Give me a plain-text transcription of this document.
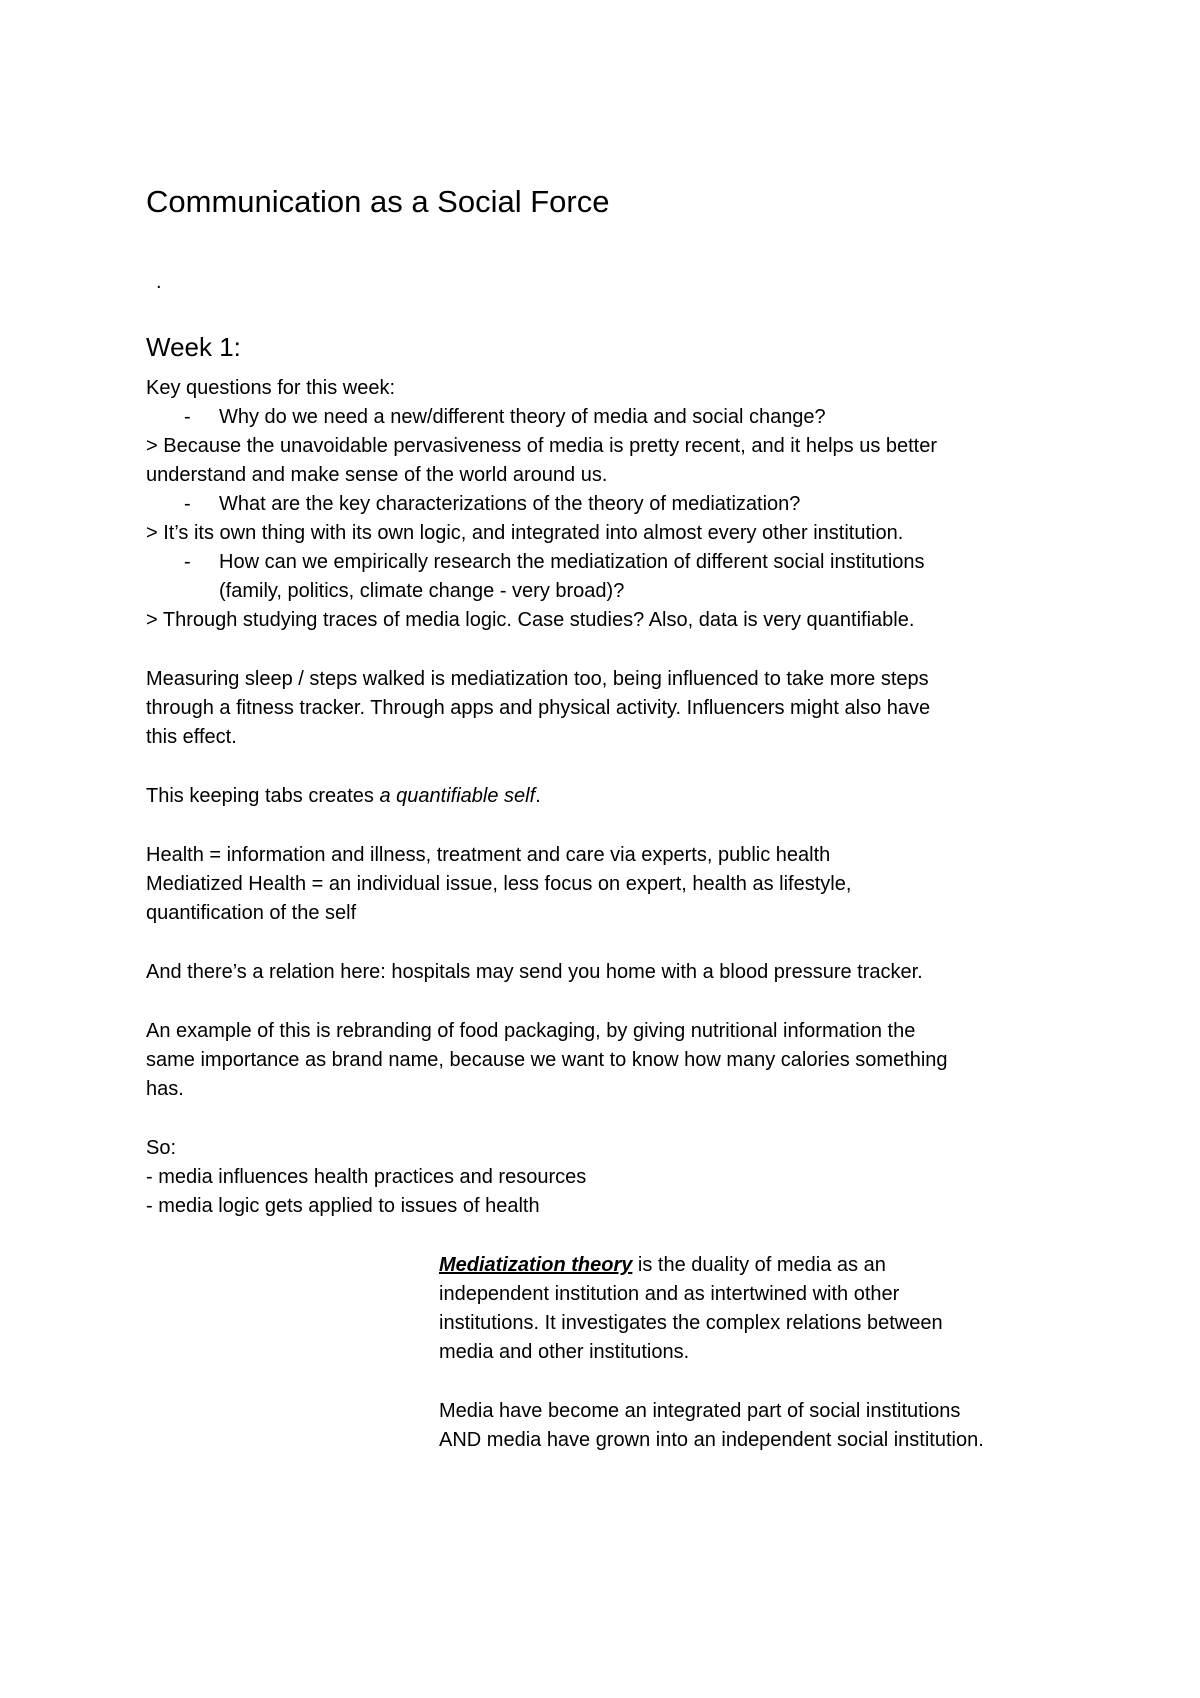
Communication as a Social Force
.
Week 1:
Key questions for this week:
- Why do we need a new/different theory of media and social change?
> Because the unavoidable pervasiveness of media is pretty recent, and it helps us better
understand and make sense of the world around us.
- What are the key characterizations of the theory of mediatization?
> It’s its own thing with its own logic, and integrated into almost every other institution.
- How can we empirically research the mediatization of different social institutions
(family, politics, climate change - very broad)?
> Through studying traces of media logic. Case studies? Also, data is very quantifiable.
Measuring sleep / steps walked is mediatization too, being influenced to take more steps
through a fitness tracker. Through apps and physical activity. Influencers might also have
this effect.
This keeping tabs creates a quantifiable self.
Health = information and illness, treatment and care via experts, public health
Mediatized Health = an individual issue, less focus on expert, health as lifestyle,
quantification of the self
And there’s a relation here: hospitals may send you home with a blood pressure tracker.
An example of this is rebranding of food packaging, by giving nutritional information the
same importance as brand name, because we want to know how many calories something
has.
So:
- media influences health practices and resources
- media logic gets applied to issues of health
Mediatization theory is the duality of media as an
independent institution and as intertwined with other
institutions. It investigates the complex relations between
media and other institutions.
Media have become an integrated part of social institutions
AND media have grown into an independent social institution.
